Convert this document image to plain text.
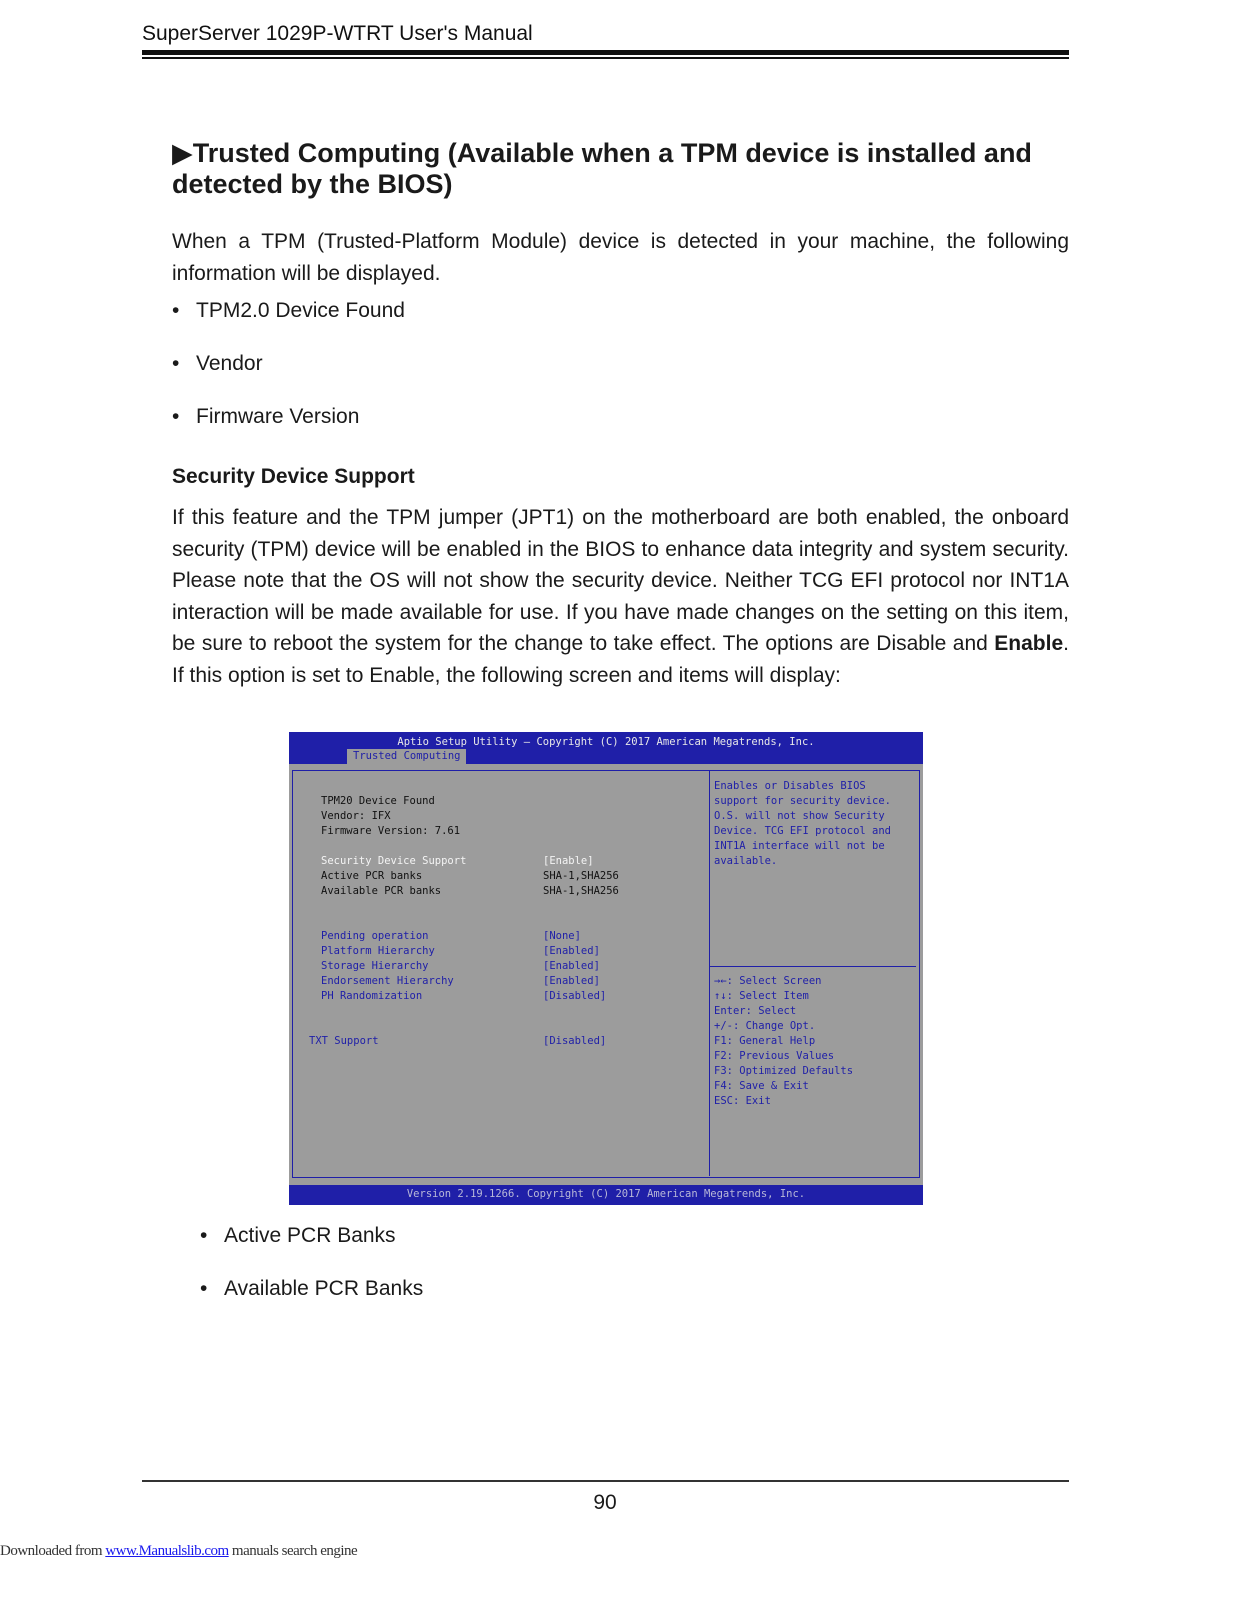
SuperServer 1029P-WTRT User's Manual
▶Trusted Computing (Available when a TPM device is installed and detected by the BIOS)
When a TPM (Trusted-Platform Module) device is detected in your machine, the following information will be displayed.
• TPM2.0 Device Found
• Vendor
• Firmware Version
Security Device Support
If this feature and the TPM jumper (JPT1) on the motherboard are both enabled, the onboard security (TPM) device will be enabled in the BIOS to enhance data integrity and system security. Please note that the OS will not show the security device. Neither TCG EFI protocol nor INT1A interaction will be made available for use. If you have made changes on the setting on this item, be sure to reboot the system for the change to take effect. The options are Disable and Enable. If this option is set to Enable, the following screen and items will display:
Aptio Setup Utility – Copyright (C) 2017 American Megatrends, Inc.
Trusted Computing
TPM20 Device Found
Vendor: IFX
Firmware Version: 7.61
Security Device Support	[Enable]
Active PCR banks	SHA-1,SHA256
Available PCR banks	SHA-1,SHA256
Pending operation	[None]
Platform Hierarchy	[Enabled]
Storage Hierarchy	[Enabled]
Endorsement Hierarchy	[Enabled]
PH Randomization	[Disabled]
TXT Support	[Disabled]
Enables or Disables BIOS
support for security device.
O.S. will not show Security
Device. TCG EFI protocol and
INT1A interface will not be
available.
→←: Select Screen
↑↓: Select Item
Enter: Select
+/-: Change Opt.
F1: General Help
F2: Previous Values
F3: Optimized Defaults
F4: Save & Exit
ESC: Exit
Version 2.19.1266. Copyright (C) 2017 American Megatrends, Inc.
• Active PCR Banks
• Available PCR Banks
90
Downloaded from www.Manualslib.com manuals search engine
